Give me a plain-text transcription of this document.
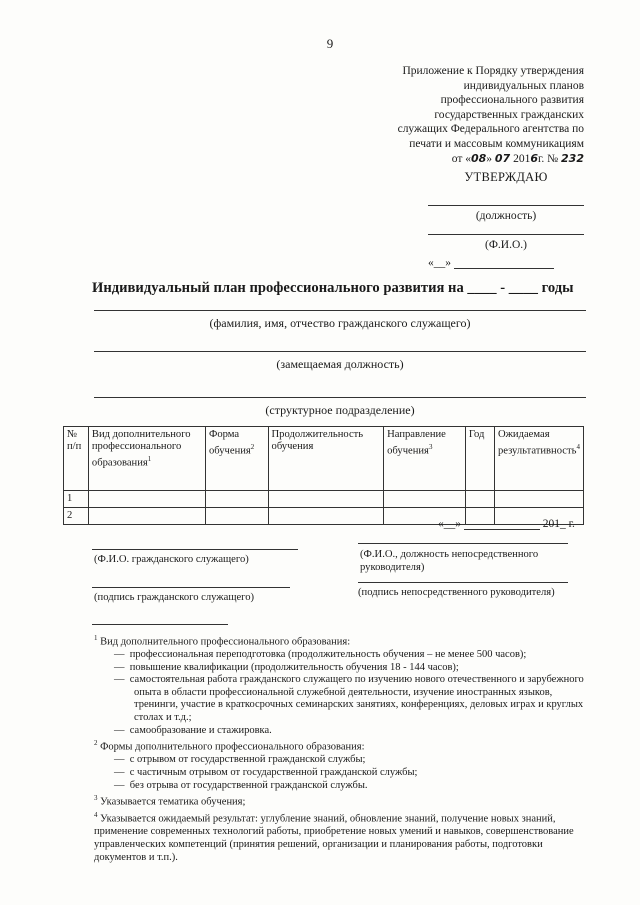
9
Приложение к Порядку утверждения
индивидуальных планов
профессионального развития
государственных гражданских
служащих Федерального агентства по
печати и массовым коммуникациям
от «08» 07 2016г. № 232
УТВЕРЖДАЮ
(должность)
(Ф.И.О.)
«__»
Индивидуальный план профессионального развития на ____ - ____ годы
(фамилия, имя, отчество гражданского служащего)
(замещаемая должность)
(структурное подразделение)
№ п/п	Вид дополнительного профессионального образования$^1$	Форма обучения$^2$	Продолжительность обучения	Направление обучения$^3$	Год	Ожидаемая результативность$^4$
1						
2						
«__»	201_ г.
(Ф.И.О. гражданского служащего)	(Ф.И.О., должность непосредственного руководителя)
(подпись гражданского служащего)	(подпись непосредственного руководителя)
$^1$ Вид дополнительного профессионального образования:
— профессиональная переподготовка (продолжительность обучения – не менее 500 часов);
— повышение квалификации (продолжительность обучения 18 - 144 часов);
— самостоятельная работа гражданского служащего по изучению нового отечественного и зарубежного опыта в области профессиональной служебной деятельности, изучение иностранных языков, тренинги, участие в краткосрочных семинарских занятиях, конференциях, деловых играх и круглых столах и т.д.;
— самообразование и стажировка.
$^2$ Формы дополнительного профессионального образования:
— с отрывом от государственной гражданской службы;
— с частичным отрывом от государственной гражданской службы;
— без отрыва от государственной гражданской службы.
$^3$ Указывается тематика обучения;
$^4$ Указывается ожидаемый результат: углубление знаний, обновление знаний, получение новых знаний, применение современных технологий работы, приобретение новых умений и навыков, совершенствование управленческих компетенций (принятия решений, организации и планирования работы, подготовки документов и т.п.).
